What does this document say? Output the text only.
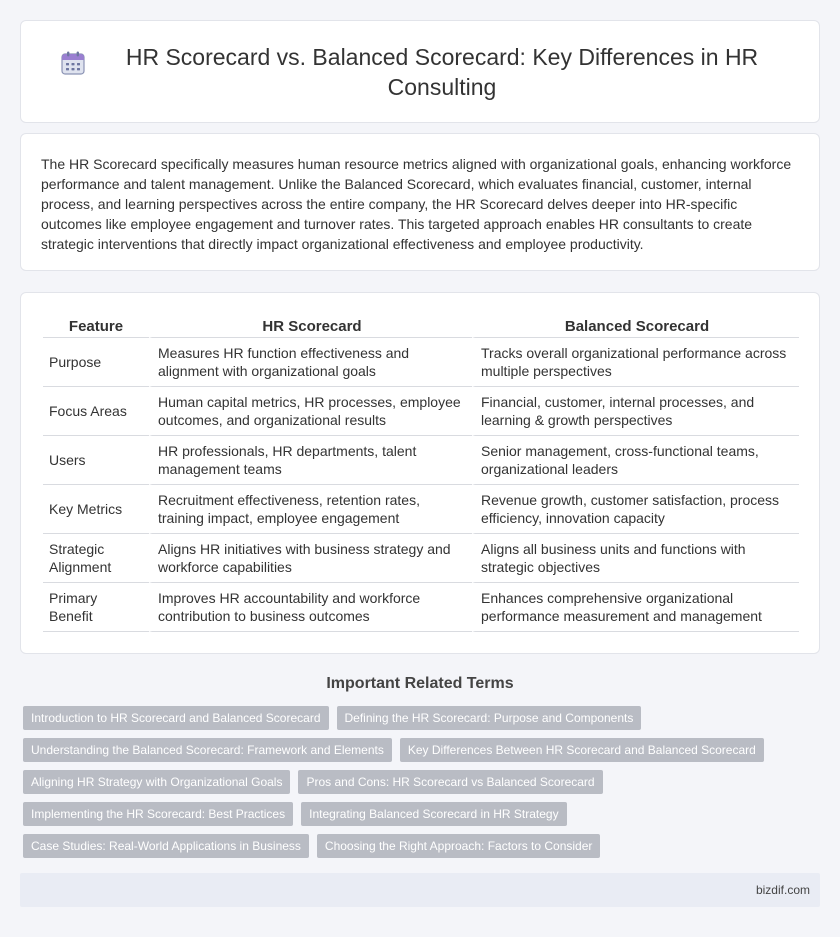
HR Scorecard vs. Balanced Scorecard: Key Differences in HR Consulting

The HR Scorecard specifically measures human resource metrics aligned with organizational goals, enhancing workforce performance and talent management. Unlike the Balanced Scorecard, which evaluates financial, customer, internal process, and learning perspectives across the entire company, the HR Scorecard delves deeper into HR-specific outcomes like employee engagement and turnover rates. This targeted approach enables HR consultants to create strategic interventions that directly impact organizational effectiveness and employee productivity.

Feature	HR Scorecard	Balanced Scorecard
Purpose	Measures HR function effectiveness and alignment with organizational goals	Tracks overall organizational performance across multiple perspectives
Focus Areas	Human capital metrics, HR processes, employee outcomes, and organizational results	Financial, customer, internal processes, and learning & growth perspectives
Users	HR professionals, HR departments, talent management teams	Senior management, cross-functional teams, organizational leaders
Key Metrics	Recruitment effectiveness, retention rates, training impact, employee engagement	Revenue growth, customer satisfaction, process efficiency, innovation capacity
Strategic Alignment	Aligns HR initiatives with business strategy and workforce capabilities	Aligns all business units and functions with strategic objectives
Primary Benefit	Improves HR accountability and workforce contribution to business outcomes	Enhances comprehensive organizational performance measurement and management
Important Related Terms
Introduction to HR Scorecard and Balanced Scorecard	Defining the HR Scorecard: Purpose and Components
Understanding the Balanced Scorecard: Framework and Elements	Key Differences Between HR Scorecard and Balanced Scorecard
Aligning HR Strategy with Organizational Goals	Pros and Cons: HR Scorecard vs Balanced Scorecard
Implementing the HR Scorecard: Best Practices	Integrating Balanced Scorecard in HR Strategy
Case Studies: Real-World Applications in Business	Choosing the Right Approach: Factors to Consider
bizdif.com
